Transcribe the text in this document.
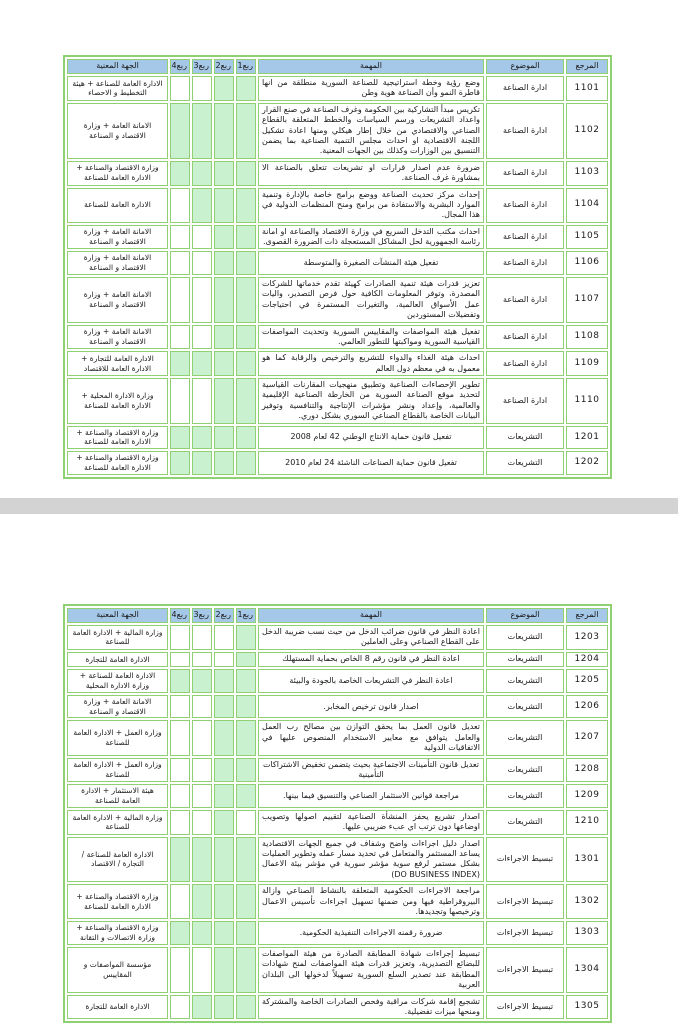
المرجع	الموضوع	المهمة	ربع1	ربع2	ربع3	ربع4	الجهة المعنية
1101	ادارة الصناعة	وضع رؤية وخطة استراتيجية للصناعة السورية منطلقة من انها قاطرة النمو وأن الصناعة هوية وطن					الادارة العامة للصناعة + هيئة التخطيط و الاحصاء
1102	ادارة الصناعة	تكريس مبدأ التشاركية بين الحكومة وغرف الصناعة في صنع القرار واعداد التشريعات ورسم السياسات والخطط المتعلقة بالقطاع الصناعي والاقتصادي من خلال إطار هيكلي ومنها اعادة تشكيل اللجنة الاقتصادية او احداث مجلس التنمية الصناعية بما يضمن التنسيق بين الوزارات وكذلك بين الجهات المعنية.					الامانة العامة + وزارة الاقتصاد و الصناعة
1103	ادارة الصناعة	ضرورة عدم اصدار قرارات او تشريعات تتعلق بالصناعة الا بمشاورة غرف الصناعة.					وزارة الاقتصاد والصناعة + الادارة العامة للصناعة
1104	ادارة الصناعة	إحداث مركز تحديث الصناعة ووضع برامج خاصة بالإدارة وتنمية الموارد البشرية والاستفادة من برامج ومنح المنظمات الدولية في هذا المجال.					الادارة العامة للصناعة
1105	ادارة الصناعة	احداث مكتب التدخل السريع في وزارة الاقتصاد والصناعة او امانة رئاسة الجمهورية لحل المشاكل المستعجلة ذات الضرورة القصوى.					الامانة العامة + وزارة الاقتصاد و الصناعة
1106	ادارة الصناعة	تفعيل هيئة المنشآت الصغيرة والمتوسطة					الامانة العامة + وزارة الاقتصاد و الصناعة
1107	ادارة الصناعة	تعزيز قدرات هيئة تنمية الصادرات كهيئة تقدم خدماتها للشركات المصدرة، وتوفر المعلومات الكافية حول فرص التصدير، واليات عمل الأسواق العالمية، والتغيرات المستمرة في احتياجات وتفضيلات المستوردين					الامانة العامة + وزارة الاقتصاد و الصناعة
1108	ادارة الصناعة	تفعيل هيئة المواصفات والمقاييس السورية وتحديث المواصفات القياسية السورية ومواكبتها للتطور العالمي.					الامانة العامة + وزارة الاقتصاد و الصناعة
1109	ادارة الصناعة	احداث هيئة الغذاء والدواء للتشريع والترخيص والرقابة كما هو معمول به في معظم دول العالم					الادارة العامة للتجارة + الادارة العامة للاقتصاد
1110	ادارة الصناعة	تطوير الإحصاءات الصناعية وتطبيق منهجيات المقارنات القياسية لتحديد موقع الصناعة السورية من الخارطة الصناعية الإقليمية والعالمية، وإعداد ونشر مؤشرات الإنتاجية والتنافسية وتوفير البيانات الخاصة بالقطاع الصناعي السوري بشكل دوري.					وزارة الادارة المحلية + الادارة العامة للصناعة
1201	التشريعات	تفعيل قانون حماية الانتاج الوطني 42 لعام 2008					وزارة الاقتصاد والصناعة + الادارة العامة للصناعة
1202	التشريعات	تفعيل قانون حماية الصناعات الناشئة 24 لعام 2010					وزارة الاقتصاد والصناعة + الادارة العامة للصناعة
المرجع	الموضوع	المهمة	ربع1	ربع2	ربع3	ربع4	الجهة المعنية
1203	التشريعات	اعادة النظر في قانون ضرائب الدخل من حيث نسب ضريبة الدخل على القطاع الصناعي وعلى العاملين					وزارة المالية + الادارة العامة للصناعة
1204	التشريعات	اعادة النظر في قانون رقم 8 الخاص بحماية المستهلك					الادارة العامة للتجارة
1205	التشريعات	اعادة النظر في التشريعات الخاصة بالجودة والبيئة					الادارة العامة للصناعة + وزارة الادارة المحلية
1206	التشريعات	اصدار قانون ترخيص المخابر.					الامانة العامة + وزارة الاقتصاد و الصناعة
1207	التشريعات	تعديل قانون العمل بما يحقق التوازن بين مصالح رب العمل والعامل يتوافق مع معايير الاستخدام المنصوص عليها في الاتفاقيات الدولية					وزارة العمل + الادارة العامة للصناعة
1208	التشريعات	تعديل قانون التأمينات الاجتماعية بحيث يتضمن تخفيض الاشتراكات التأمينية					وزارة العمل + الادارة العامة للصناعة
1209	التشريعات	مراجعة قوانين الاستثمار الصناعي والتنسيق فيما بينها.					هيئة الاستثمار + الادارة العامة للصناعة
1210	التشريعات	اصدار تشريع يحفز المنشأة الصناعية لتقييم اصولها وتصويب اوضاعها دون ترتب اي عبء ضريبي عليها.					وزارة المالية + الادارة العامة للصناعة
1301	تبسيط الاجراءات	اصدار دليل اجراءات واضح وشفاف في جميع الجهات الاقتصادية يساعد المستثمر والمتعامل في تحديد مسار عمله وتطوير العمليات بشكل مستمر لرفع سوية مؤشر سورية في مؤشر بيئة الاعمال (DO BUSINESS INDEX)					الادارة العامة للصناعة / التجارة / الاقتصاد
1302	تبسيط الاجراءات	مراجعة الاجراءات الحكومية المتعلقة بالنشاط الصناعي وازالة البيروقراطية فيها ومن ضمنها تسهيل اجراءات تأسيس الاعمال وترخيصها وتجديدها.					وزارة الاقتصاد والصناعة + الادارة العامة للصناعة
1303	تبسيط الاجراءات	ضرورة رقمنه الاجراءات التنفيذية الحكومية.					وزارة الاقتصاد والصناعة + وزارة الاتصالات و التقانة
1304	تبسيط الاجراءات	تبسيط إجراءات شهادة المطابقة الصادرة من هيئة المواصفات للبضائع التصديرية، وتعزيز قدرات هيئة المواصفات لمنح شهادات المطابقة عند تصدير السلع السورية تسهيلاً لدخولها الى البلدان العربية					مؤسسة المواصفات و المقاييس
1305	تبسيط الاجراءات	تشجيع إقامة شركات مراقبة وفحص الصادرات الخاصة والمشتركة ومنحها ميزات تفضيلية.					الادارة العامة للتجارة
